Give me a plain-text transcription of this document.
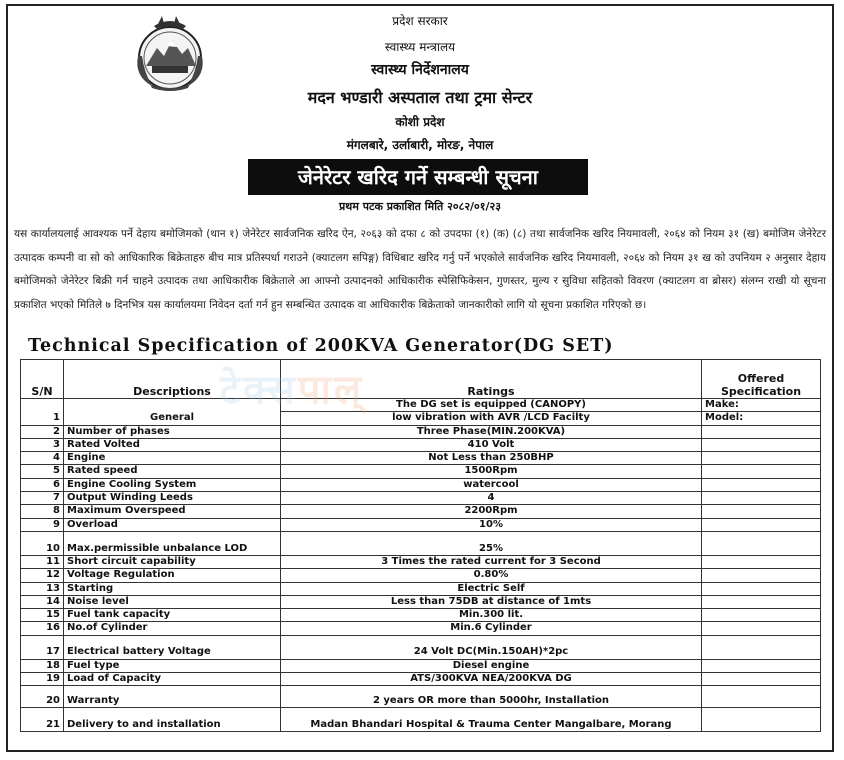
प्रदेश सरकार
स्वास्थ्य मन्त्रालय
स्वास्थ्य निर्देशनालय
मदन भण्डारी अस्पताल तथा ट्रमा सेन्टर
कोशी प्रदेश
मंगलबारे, उर्लाबारी, मोरङ, नेपाल
जेनेरेटर खरिद गर्ने सम्बन्धी सूचना
प्रथम पटक प्रकाशित मिति २०८२/०१/२३
यस कार्यालयलाई आवश्यक पर्ने देहाय बमोजिमको (थान १) जेनेरेटर सार्वजनिक खरिद ऐन, २०६३ को दफा ८ को उपदफा (१) (क) (८) तथा सार्वजनिक खरिद नियमावली, २०६४ को नियम ३१ (ख) बमोजिम जेनेरेटर उत्पादक कम्पनी वा सो को आधिकारिक बिक्रेताहरु बीच मात्र प्रतिस्पर्धा गराउने (क्याटलग सपिङ्ग) विधिबाट खरिद गर्नु पर्ने भएकोले सार्वजनिक खरिद नियमावली, २०६४ को नियम ३१ ख को उपनियम २ अनुसार देहाय बमोजिमको जेनेरेटर बिक्री गर्न चाहने उत्पादक तथा आधिकारीक बिक्रेताले आ आफ्नो उत्पादनको आधिकारीक स्पेसिफिकेसन, गुणस्तर, मुल्य र सुविधा सहितको विवरण (क्याटलग वा ब्रोसर) संलग्न राखी यो सूचना प्रकाशित भएको मितिले ७ दिनभित्र यस कार्यालयमा निवेदन दर्ता गर्न हुन सम्बन्धित उत्पादक वा आधिकारीक बिक्रेताको जानकारीको लागि यो सूचना प्रकाशित गरिएको छ।
Technical Specification of 200KVA Generator(DG SET)
S/N	Descriptions	Ratings	Offered Specification
1	General	The DG set is equipped (CANOPY)	Make:
		low vibration with AVR /LCD Facilty	Model:
2	Number of phases	Three Phase(MIN.200KVA)	
3	Rated Volted	410 Volt	
4	Engine	Not Less than 250BHP	
5	Rated speed	1500Rpm	
6	Engine Cooling System	watercool	
7	Output Winding Leeds	4	
8	Maximum Overspeed	2200Rpm	
9	Overload	10%	
10	Max.permissible unbalance LOD	25%	
11	Short circuit capability	3 Times the rated current for 3 Second	
12	Voltage Regulation	0.80%	
13	Starting	Electric Self	
14	Noise level	Less than 75DB at distance of 1mts	
15	Fuel tank capacity	Min.300 lit.	
16	No.of Cylinder	Min.6 Cylinder	
17	Electrical battery Voltage	24 Volt DC(Min.150AH)*2pc	
18	Fuel type	Diesel engine	
19	Load of Capacity	ATS/300KVA NEA/200KVA DG	
20	Warranty	2 years OR more than 5000hr, Installation	
21	Delivery to and installation	Madan Bhandari Hospital & Trauma Center Mangalbare, Morang	
टेक्सपाल्
